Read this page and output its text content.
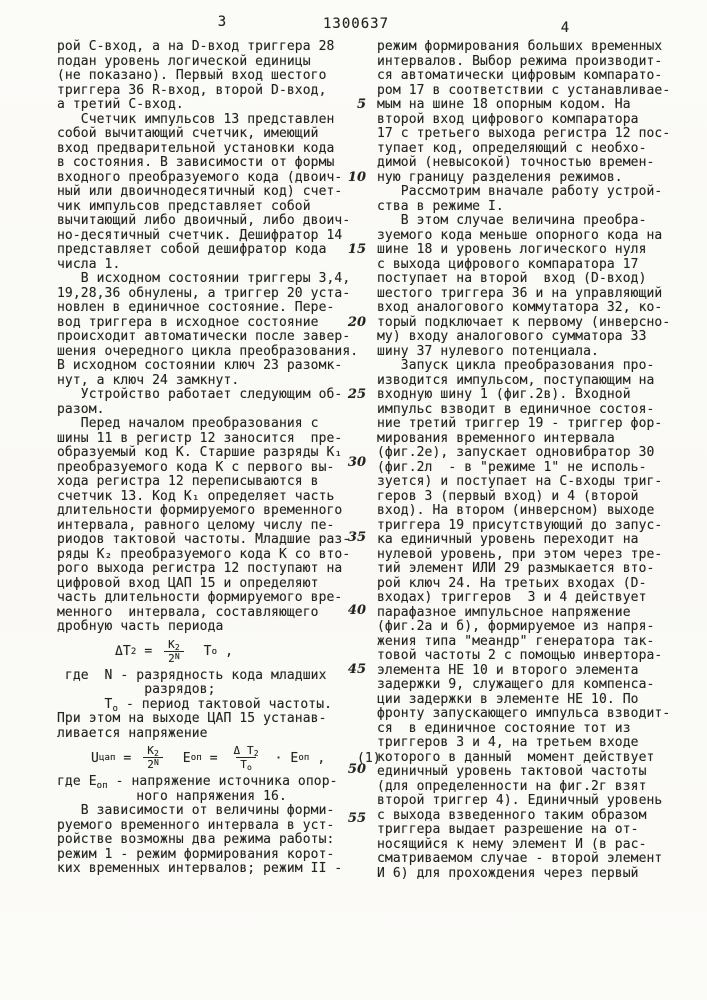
3	1300637	4
рой С-вход, а на D-вход триггера 28
подан уровень логической единицы
(не показано). Первый вход шестого
триггера 36 R-вход, второй D-вход,
а третий С-вход.
Счетчик импульсов 13 представлен
собой вычитающий счетчик, имеющий
вход предварительной установки кода
в состояния. В зависимости от формы
входного преобразуемого кода (двоич-
ный или двоичнодесятичный код) счет-
чик импульсов представляет собой
вычитающий либо двоичный, либо двоич-
но-десятичный счетчик. Дешифратор 14
представляет собой дешифратор кода
числа 1.
В исходном состоянии триггеры 3,4,
19,28,36 обнулены, а триггер 20 уста-
новлен в единичное состояние. Пере-
вод триггера в исходное состояние
происходит автоматически после завер-
шения очередного цикла преобразования.
В исходном состоянии ключ 23 разомк-
нут, а ключ 24 замкнут.
Устройство работает следующим об-
разом.
Перед началом преобразования с
шины 11 в регистр 12 заносится  пре-
образуемый код К. Старшие разряды К₁
преобразуемого кода К с первого вы-
хода регистра 12 переписываются в
счетчик 13. Код К₁ определяет часть
длительности формируемого временного
интервала, равного целому числу пе-
риодов тактовой частоты. Младшие раз-
ряды К₂ преобразуемого кода К со вто-
рого выхода регистра 12 поступают на
цифровой вход ЦАП 15 и определяют
часть длительности формируемого вре-
менного  интервала, составляющего
дробную часть периода
ΔT $2 = \frac{K_2}{2^N}$ T о ,
где  N - разрядность кода младших
разрядов;
$Т_о$ - период тактовой частоты.
При этом на выходе ЦАП 15 устанав-
ливается напряжение
U цап = $\frac{K_2}{2^N}$ E оп = $\frac{\Delta T_2}{T_о} \cdot E$ оп ,    (1)
где $Е_{оп}$ - напряжение источника опор-
ного напряжения 16.
В зависимости от величины форми-
руемого временного интервала в уст-
ройстве возможны два режима работы:
режим 1 - режим формирования корот-
ких временных интервалов; режим II -
5
10
15
20
25
30
35
40
45
50
55
режим формирования больших временных
интервалов. Выбор режима производит-
ся автоматически цифровым компарато-
ром 17 в соответствии с устанавливае-
мым на шине 18 опорным кодом. На
второй вход цифрового компаратора
17 с третьего выхода регистра 12 пос-
тупает код, определяющий с необхо-
димой (невысокой) точностью времен-
ную границу разделения режимов.
Рассмотрим вначале работу устрой-
ства в режиме I.
В этом случае величина преобра-
зуемого кода меньше опорного кода на
шине 18 и уровень логического нуля
с выхода цифрового компаратора 17
поступает на второй  вход (D-вход)
шестого триггера 36 и на управляющий
вход аналогового коммутатора 32, ко-
торый подключает к первому (инверсно-
му) входу аналогового сумматора 33
шину 37 нулевого потенциала.
Запуск цикла преобразования про-
изводится импульсом, поступающим на
входную шину 1 (фиг.2в). Входной
импульс взводит в единичное состоя-
ние третий триггер 19 - триггер фор-
мирования временного интервала
(фиг.2е), запускает одновибратор 30
(фиг.2л  - в "режиме 1" не исполь-
зуется) и поступает на С-входы триг-
геров 3 (первый вход) и 4 (второй
вход). На втором (инверсном) выходе
триггера 19 присутствующий до запус-
ка единичный уровень переходит на
нулевой уровень, при этом через тре-
тий элемент ИЛИ 29 размыкается вто-
рой ключ 24. На третьих входах (D-
входах) триггеров  3 и 4 действует
парафазное импульсное напряжение
(фиг.2а и б), формируемое из напря-
жения типа "меандр" генератора так-
товой частоты 2 с помощью инвертора-
элемента НЕ 10 и второго элемента
задержки 9, служащего для компенса-
ции задержки в элементе НЕ 10. По
фронту запускающего импульса взводит-
ся  в единичное состояние тот из
триггеров 3 и 4, на третьем входе
которого в данный  момент действует
единичный уровень тактовой частоты
(для определенности на фиг.2г взят
второй триггер 4). Единичный уровень
с выхода взведенного таким образом
триггера выдает разрешение на от-
носящийся к нему элемент И (в рас-
сматриваемом случае - второй элемент
И 6) для прохождения через первый
